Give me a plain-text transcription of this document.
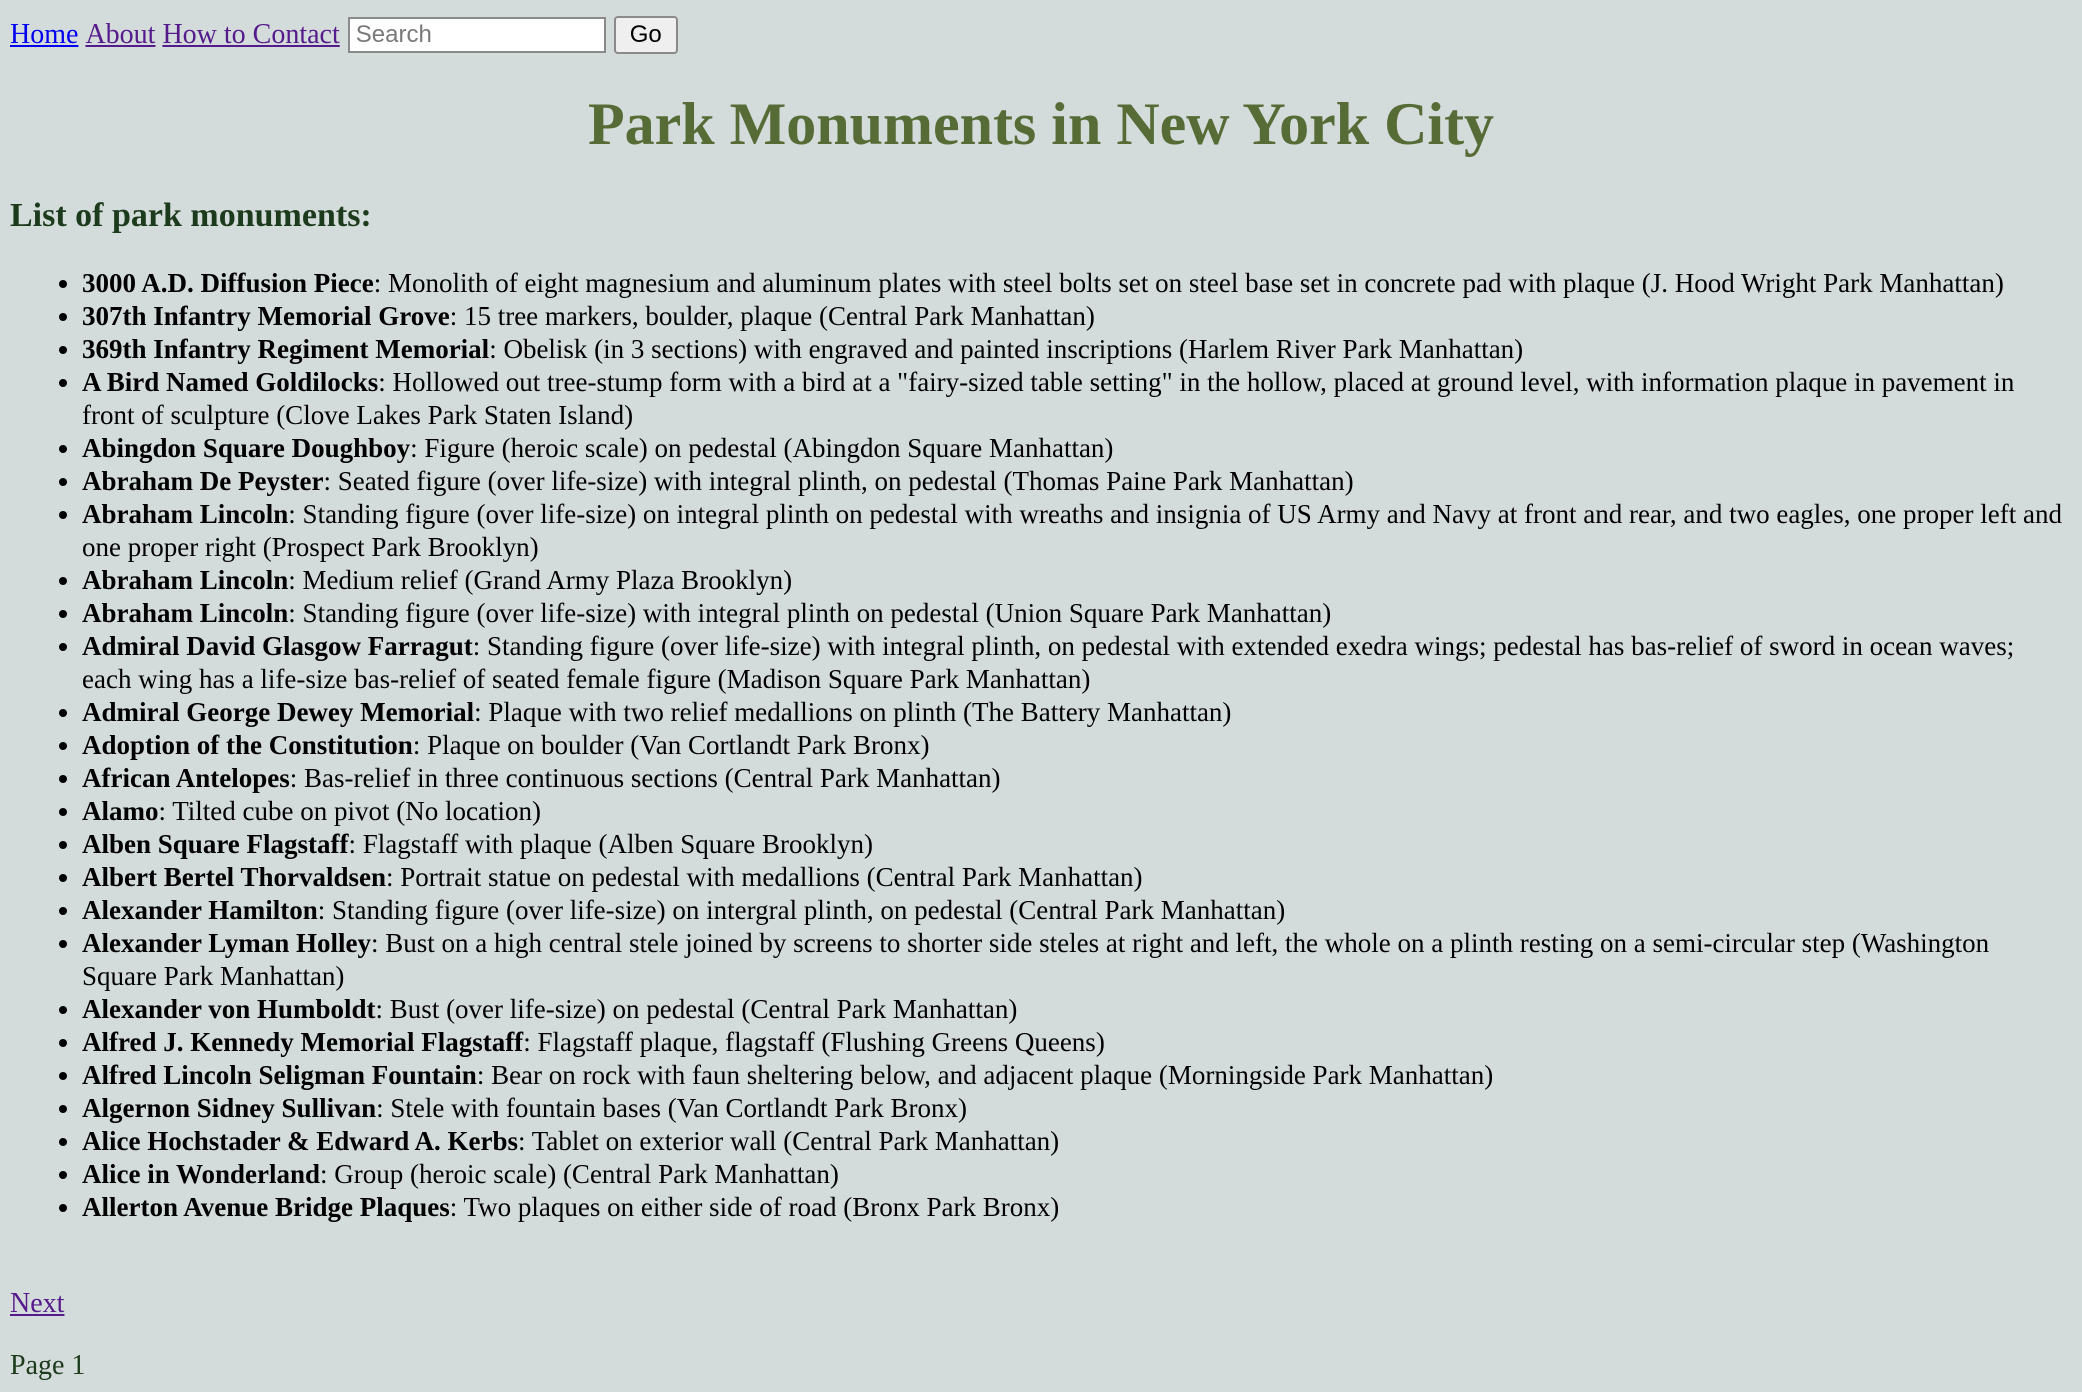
Home About How to Contact
Search	Go
Park Monuments in New York City
List of park monuments:
• 3000 A.D. Diffusion Piece: Monolith of eight magnesium and aluminum plates with steel bolts set on steel base set in concrete pad with plaque (J. Hood Wright Park Manhattan)
• 307th Infantry Memorial Grove: 15 tree markers, boulder, plaque (Central Park Manhattan)
• 369th Infantry Regiment Memorial: Obelisk (in 3 sections) with engraved and painted inscriptions (Harlem River Park Manhattan)
• A Bird Named Goldilocks: Hollowed out tree-stump form with a bird at a "fairy-sized table setting" in the hollow, placed at ground level, with information plaque in pavement in front of sculpture (Clove Lakes Park Staten Island)
• Abingdon Square Doughboy: Figure (heroic scale) on pedestal (Abingdon Square Manhattan)
• Abraham De Peyster: Seated figure (over life-size) with integral plinth, on pedestal (Thomas Paine Park Manhattan)
• Abraham Lincoln: Standing figure (over life-size) on integral plinth on pedestal with wreaths and insignia of US Army and Navy at front and rear, and two eagles, one proper left and one proper right (Prospect Park Brooklyn)
• Abraham Lincoln: Medium relief (Grand Army Plaza Brooklyn)
• Abraham Lincoln: Standing figure (over life-size) with integral plinth on pedestal (Union Square Park Manhattan)
• Admiral David Glasgow Farragut: Standing figure (over life-size) with integral plinth, on pedestal with extended exedra wings; pedestal has bas-relief of sword in ocean waves; each wing has a life-size bas-relief of seated female figure (Madison Square Park Manhattan)
• Admiral George Dewey Memorial: Plaque with two relief medallions on plinth (The Battery Manhattan)
• Adoption of the Constitution: Plaque on boulder (Van Cortlandt Park Bronx)
• African Antelopes: Bas-relief in three continuous sections (Central Park Manhattan)
• Alamo: Tilted cube on pivot (No location)
• Alben Square Flagstaff: Flagstaff with plaque (Alben Square Brooklyn)
• Albert Bertel Thorvaldsen: Portrait statue on pedestal with medallions (Central Park Manhattan)
• Alexander Hamilton: Standing figure (over life-size) on intergral plinth, on pedestal (Central Park Manhattan)
• Alexander Lyman Holley: Bust on a high central stele joined by screens to shorter side steles at right and left, the whole on a plinth resting on a semi-circular step (Washington Square Park Manhattan)
• Alexander von Humboldt: Bust (over life-size) on pedestal (Central Park Manhattan)
• Alfred J. Kennedy Memorial Flagstaff: Flagstaff plaque, flagstaff (Flushing Greens Queens)
• Alfred Lincoln Seligman Fountain: Bear on rock with faun sheltering below, and adjacent plaque (Morningside Park Manhattan)
• Algernon Sidney Sullivan: Stele with fountain bases (Van Cortlandt Park Bronx)
• Alice Hochstader & Edward A. Kerbs: Tablet on exterior wall (Central Park Manhattan)
• Alice in Wonderland: Group (heroic scale) (Central Park Manhattan)
• Allerton Avenue Bridge Plaques: Two plaques on either side of road (Bronx Park Bronx)
Next
Page 1
